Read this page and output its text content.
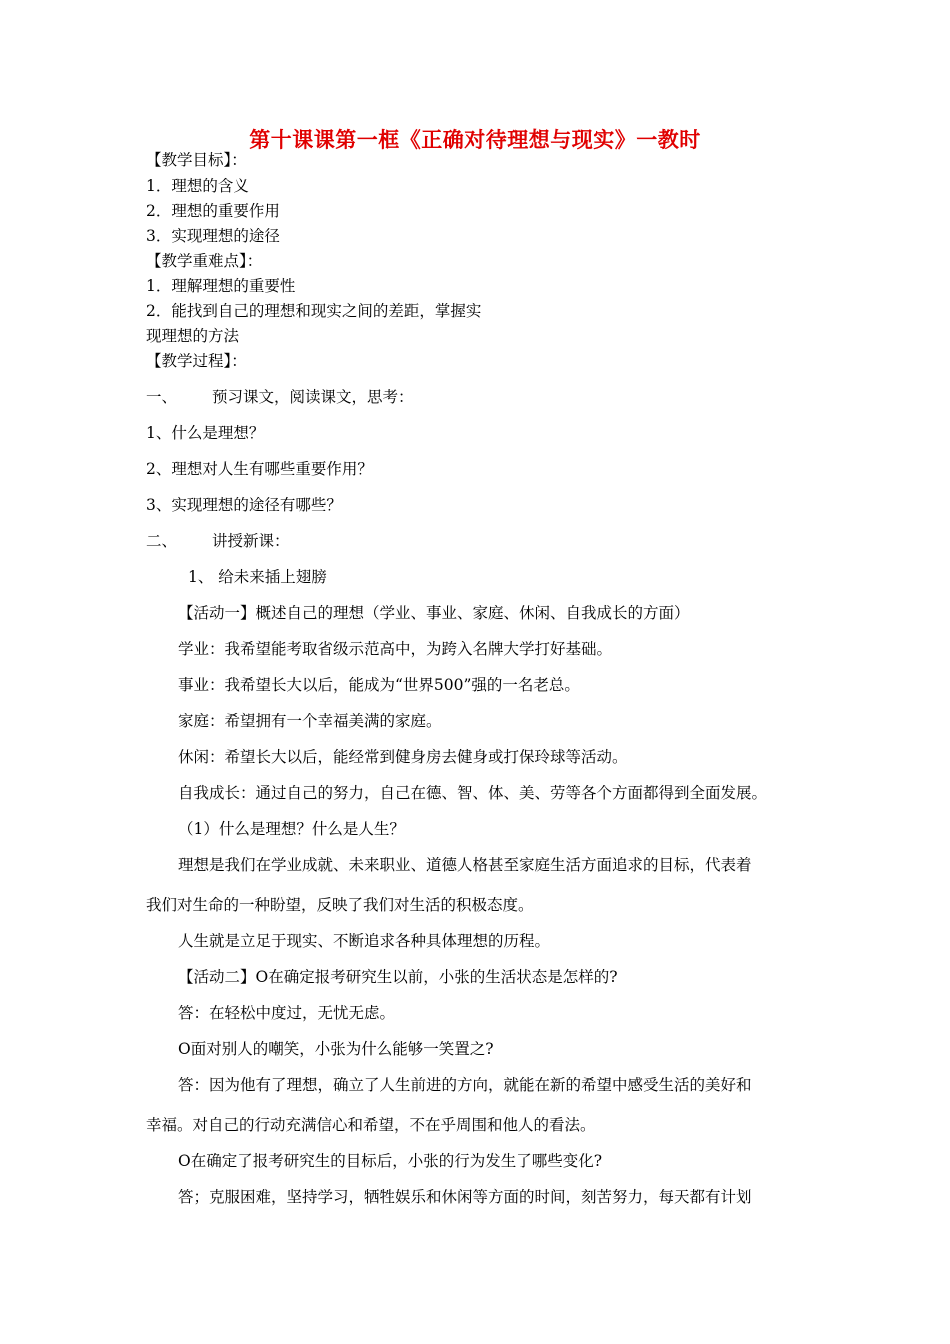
第十课课第一框《正确对待理想与现实》一教时
【教学目标】：
1．理想的含义
2．理想的重要作用
3．实现理想的途径
【教学重难点】：
1．理解理想的重要性
2．能找到自己的理想和现实之间的差距，掌握实
现理想的方法
【教学过程】：
一、 预习课文，阅读课文，思考：
1、什么是理想？
2、理想对人生有哪些重要作用？
3、实现理想的途径有哪些？
二、 讲授新课：
1、 给未来插上翅膀
【活动一】概述自己的理想（学业、事业、家庭、休闲、自我成长的方面）
学业：我希望能考取省级示范高中，为跨入名牌大学打好基础。
事业：我希望长大以后，能成为“世界500”强的一名老总。
家庭：希望拥有一个幸福美满的家庭。
休闲：希望长大以后，能经常到健身房去健身或打保玲球等活动。
自我成长：通过自己的努力，自己在德、智、体、美、劳等各个方面都得到全面发展。
（1）什么是理想？什么是人生？
理想是我们在学业成就、未来职业、道德人格甚至家庭生活方面追求的目标，代表着
我们对生命的一种盼望，反映了我们对生活的积极态度。
人生就是立足于现实、不断追求各种具体理想的历程。
【活动二】Ο在确定报考研究生以前，小张的生活状态是怎样的?
答：在轻松中度过，无忧无虑。
Ο面对别人的嘲笑，小张为什么能够一笑置之?
答：因为他有了理想，确立了人生前进的方向，就能在新的希望中感受生活的美好和
幸福。对自己的行动充满信心和希望，不在乎周围和他人的看法。
Ο在确定了报考研究生的目标后，小张的行为发生了哪些变化?
答；克服困难，坚持学习，牺牲娱乐和休闲等方面的时间，刻苦努力，每天都有计划
